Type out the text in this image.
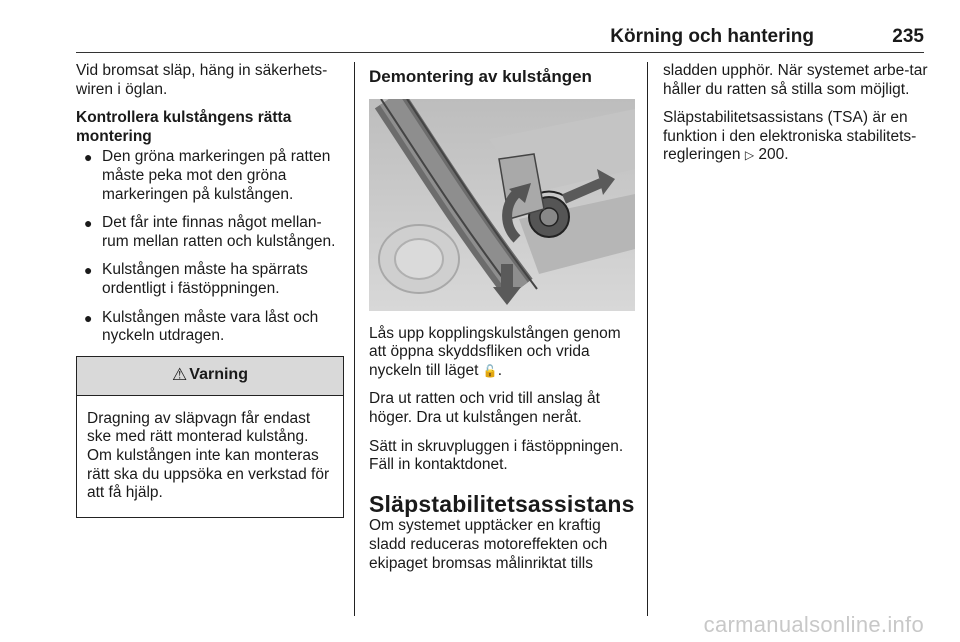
Körning och hantering	235

Vid bromsat släp, häng in säkerhets-wiren i öglan.

Kontrollera kulstångens rätta montering

● Den gröna markeringen på ratten måste peka mot den gröna markeringen på kulstången.
● Det får inte finnas något mellan-rum mellan ratten och kulstången.
● Kulstången måste ha spärrats ordentligt i fästöppningen.
● Kulstången måste vara låst och nyckeln utdragen.
⚠ Varning
Dragning av släpvagn får endast ske med rätt monterad kulstång. Om kulstången inte kan monteras rätt ska du uppsöka en verkstad för att få hjälp.
Demontering av kulstången

Lås upp kopplingskulstången genom att öppna skyddsfliken och vrida nyckeln till läget 🔓.

Dra ut ratten och vrid till anslag åt höger. Dra ut kulstången neråt.

Sätt in skruvpluggen i fästöppningen. Fäll in kontaktdonet.

Släpstabilitetsassistans

Om systemet upptäcker en kraftig sladd reduceras motoreffekten och ekipaget bromsas målinriktat tills

sladden upphör. När systemet arbe-tar håller du ratten så stilla som möjligt.

Släpstabilitetsassistans (TSA) är en funktion i den elektroniska stabilitets-regleringen ▷ 200.

carmanualsonline.info
